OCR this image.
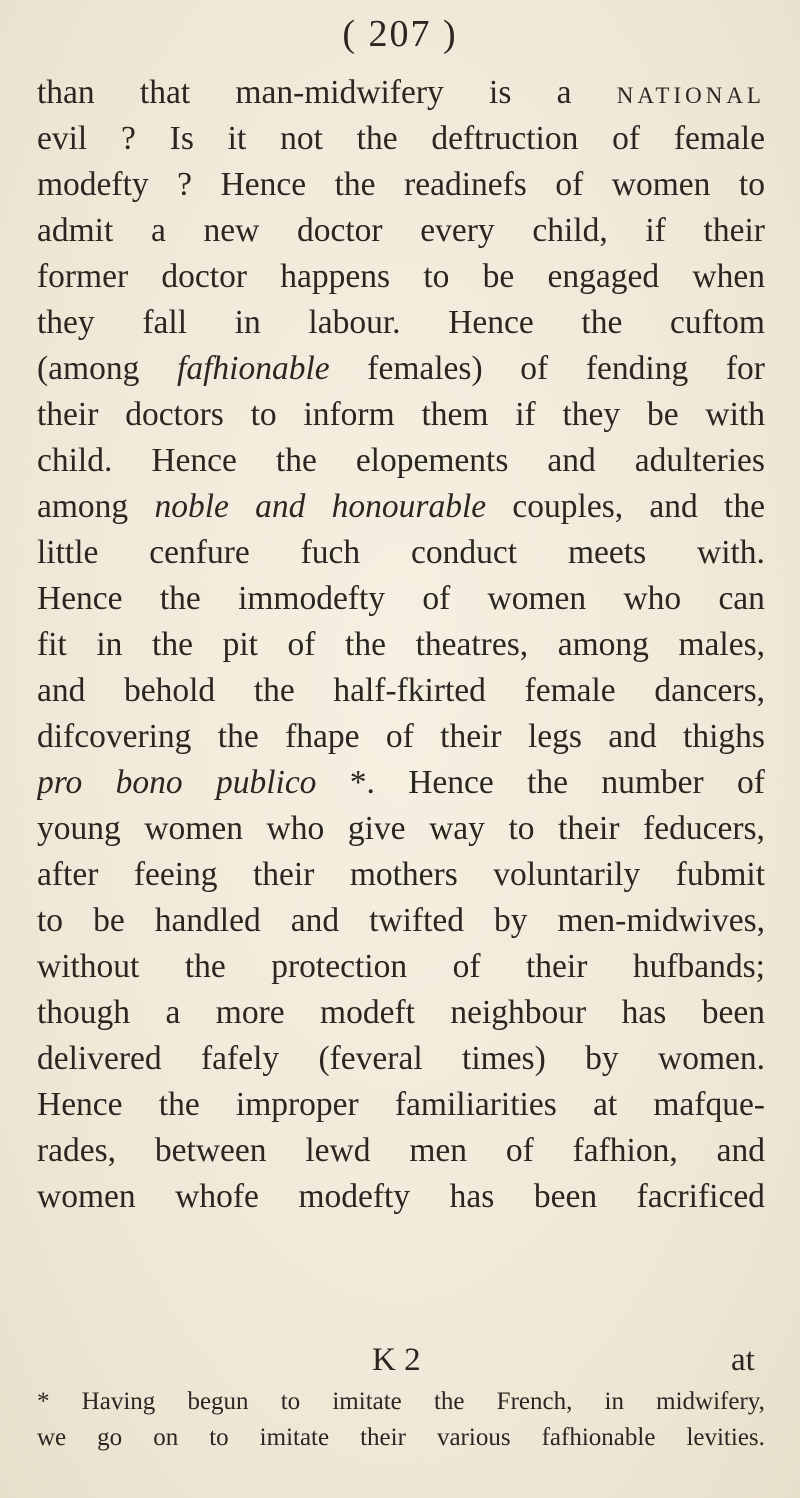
( 207 )
than that man-midwifery is a national
evil ? Is it not the deftruction of female
modefty ? Hence the readinefs of women to
admit a new doctor every child, if their
former doctor happens to be engaged when
they fall in labour. Hence the cuftom
(among fafhionable females) of fending for
their doctors to inform them if they be with
child. Hence the elopements and adulteries
among noble and honourable couples, and the
little cenfure fuch conduct meets with.
Hence the immodefty of women who can
fit in the pit of the theatres, among males,
and behold the half-fkirted female dancers,
difcovering the fhape of their legs and thighs
pro bono publico *. Hence the number of
young women who give way to their feducers,
after feeing their mothers voluntarily fubmit
to be handled and twifted by men-midwives,
without the protection of their hufbands;
though a more modeft neighbour has been
delivered fafely (feveral times) by women.
Hence the improper familiarities at mafque-
rades, between lewd men of fafhion, and
women whofe modefty has been facrificed
K 2	at
* Having begun to imitate the French, in midwifery,
we go on to imitate their various fafhionable levities.
